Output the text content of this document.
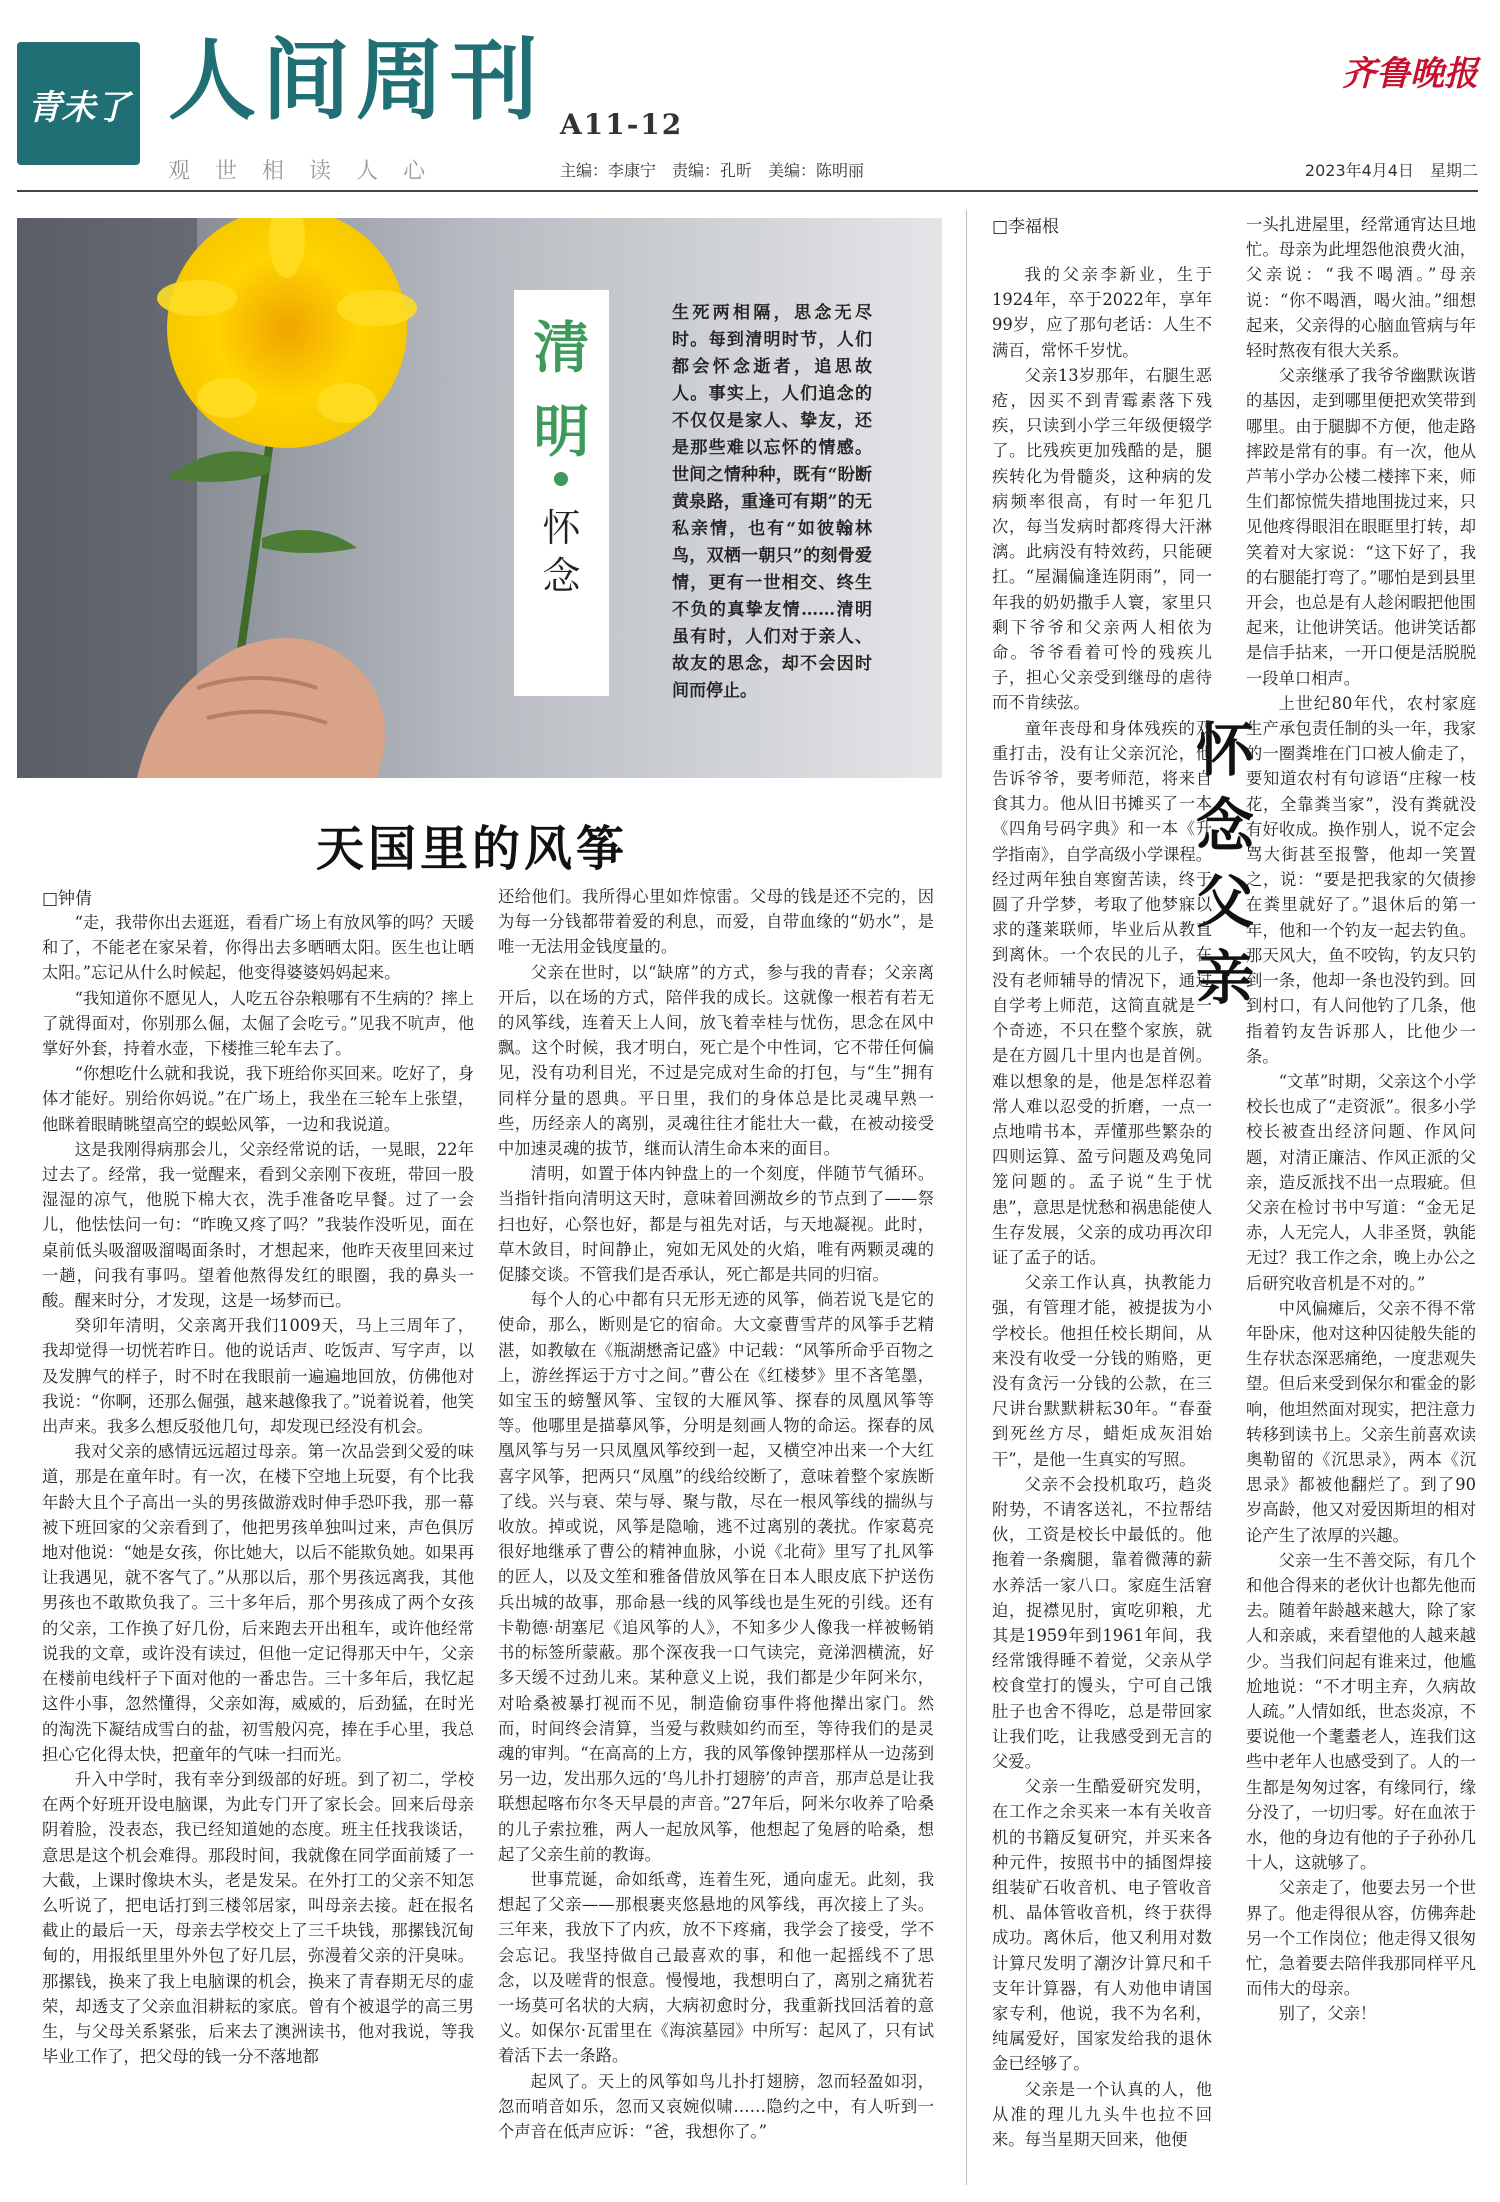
青未了 人间周刊 A11-12
齐鲁晚报
观 世 相 读 人 心	主编：李康宁 责编：孔昕 美编：陈明丽	2023年4月4日　星期二
清
明
怀
念
生死两相隔，思念无尽时。每到清明时节，人们都会怀念逝者，追思故人。事实上，人们追念的不仅仅是家人、挚友，还是那些难以忘怀的情感。世间之情种种，既有“盼断黄泉路，重逢可有期”的无私亲情，也有“如彼翰林鸟，双栖一朝只”的刻骨爱情，更有一世相交、终生不负的真挚友情……清明虽有时，人们对于亲人、故友的思念，却不会因时间而停止。
天国里的风筝
□钟倩

“走，我带你出去逛逛，看看广场上有放风筝的吗？天暖和了，不能老在家呆着，你得出去多晒晒太阳。医生也让晒太阳。”忘记从什么时候起，他变得婆婆妈妈起来。

“我知道你不愿见人，人吃五谷杂粮哪有不生病的？摔上了就得面对，你别那么倔，太倔了会吃亏。”见我不吭声，他掌好外套，持着水壶，下楼推三轮车去了。

“你想吃什么就和我说，我下班给你买回来。吃好了，身体才能好。别给你妈说。”在广场上，我坐在三轮车上张望，他眯着眼睛眺望高空的蜈蚣风筝，一边和我说道。

这是我刚得病那会儿，父亲经常说的话，一晃眼，22年过去了。经常，我一觉醒来，看到父亲刚下夜班，带回一股湿湿的凉气，他脱下棉大衣，洗手准备吃早餐。过了一会儿，他怯怯问一句：“昨晚又疼了吗？”我装作没听见，面在桌前低头吸溜吸溜喝面条时，才想起来，他昨天夜里回来过一趟，问我有事吗。望着他熬得发红的眼圈，我的鼻头一酸。醒来时分，才发现，这是一场梦而已。

癸卯年清明，父亲离开我们1009天，马上三周年了，我却觉得一切恍若昨日。他的说话声、吃饭声、写字声，以及发脾气的样子，时不时在我眼前一遍遍地回放，仿佛他对我说：“你啊，还那么倔强，越来越像我了。”说着说着，他笑出声来。我多么想反驳他几句，却发现已经没有机会。

我对父亲的感情远远超过母亲。第一次品尝到父爱的味道，那是在童年时。有一次，在楼下空地上玩耍，有个比我年龄大且个子高出一头的男孩做游戏时伸手恐吓我，那一幕被下班回家的父亲看到了，他把男孩单独叫过来，声色俱厉地对他说：“她是女孩，你比她大，以后不能欺负她。如果再让我遇见，就不客气了。”从那以后，那个男孩远离我，其他男孩也不敢欺负我了。三十多年后，那个男孩成了两个女孩的父亲，工作换了好几份，后来跑去开出租车，或许他经常说我的文章，或许没有读过，但他一定记得那天中午，父亲在楼前电线杆子下面对他的一番忠告。三十多年后，我忆起这件小事，忽然懂得，父亲如海，威威的，后劲猛，在时光的淘洗下凝结成雪白的盐，初雪般闪亮，捧在手心里，我总担心它化得太快，把童年的气味一扫而光。

升入中学时，我有幸分到级部的好班。到了初二，学校在两个好班开设电脑课，为此专门开了家长会。回来后母亲阴着脸，没表态，我已经知道她的态度。班主任找我谈话，意思是这个机会难得。那段时间，我就像在同学面前矮了一大截，上课时像块木头，老是发呆。在外打工的父亲不知怎么听说了，把电话打到三楼邻居家，叫母亲去接。赶在报名截止的最后一天，母亲去学校交上了三千块钱，那摞钱沉甸甸的，用报纸里里外外包了好几层，弥漫着父亲的汗臭味。那摞钱，换来了我上电脑课的机会，换来了青春期无尽的虚荣，却透支了父亲血泪耕耘的家底。曾有个被退学的高三男生，与父母关系紧张，后来去了澳洲读书，他对我说，等我毕业工作了，把父母的钱一分不落地都

还给他们。我所得心里如炸惊雷。父母的钱是还不完的，因为每一分钱都带着爱的利息，而爱，自带血缘的“奶水”，是唯一无法用金钱度量的。

父亲在世时，以“缺席”的方式，参与我的青春；父亲离开后，以在场的方式，陪伴我的成长。这就像一根若有若无的风筝线，连着天上人间，放飞着幸桂与忧伤，思念在风中飘。这个时候，我才明白，死亡是个中性词，它不带任何偏见，没有功利目光，不过是完成对生命的打包，与“生”拥有同样分量的恩典。平日里，我们的身体总是比灵魂早熟一些，历经亲人的离别，灵魂往往才能壮大一截，在被动接受中加速灵魂的拔节，继而认清生命本来的面目。

清明，如置于体内钟盘上的一个刻度，伴随节气循环。当指针指向清明这天时，意味着回溯故乡的节点到了——祭扫也好，心祭也好，都是与祖先对话，与天地凝视。此时，草木敛目，时间静止，宛如无风处的火焰，唯有两颗灵魂的促膝交谈。不管我们是否承认，死亡都是共同的归宿。

每个人的心中都有只无形无迹的风筝，倘若说飞是它的使命，那么，断则是它的宿命。大文豪曹雪芹的风筝手艺精湛，如教敏在《瓶湖懋斋记盛》中记载：“风筝所命乎百物之上，游丝挥运于方寸之间。”曹公在《红楼梦》里不吝笔墨，如宝玉的螃蟹风筝、宝钗的大雁风筝、探春的凤凰风筝等等。他哪里是描摹风筝，分明是刻画人物的命运。探春的凤凰风筝与另一只凤凰风筝绞到一起，又横空冲出来一个大红喜字风筝，把两只“凤凰”的线给绞断了，意味着整个家族断了线。兴与衰、荣与辱、聚与散，尽在一根风筝线的揣纵与收放。掉或说，风筝是隐喻，逃不过离别的袭扰。作家葛亮很好地继承了曹公的精神血脉，小说《北荷》里写了扎风筝的匠人，以及文笙和雅备借放风筝在日本人眼皮底下护送伤兵出城的故事，那命悬一线的风筝线也是生死的引线。还有卡勒德·胡塞尼《追风筝的人》，不知多少人像我一样被畅销书的标签所蒙蔽。那个深夜我一口气读完，竟涕泗横流，好多天缓不过劲儿来。某种意义上说，我们都是少年阿米尔，对哈桑被暴打视而不见，制造偷窃事件将他撵出家门。然而，时间终会清算，当爱与救赎如约而至，等待我们的是灵魂的审判。“在高高的上方，我的风筝像钟摆那样从一边荡到另一边，发出那久远的‘鸟儿扑打翅膀’的声音，那声总是让我联想起喀布尔冬天早晨的声音。”27年后，阿米尔收养了哈桑的儿子索拉雅，两人一起放风筝，他想起了兔唇的哈桑，想起了父亲生前的教诲。

世事荒诞，命如纸鸢，连着生死，通向虚无。此刻，我想起了父亲——那根裹夹悠悬地的风筝线，再次接上了头。三年来，我放下了内疚，放不下疼痛，我学会了接受，学不会忘记。我坚持做自己最喜欢的事，和他一起摇线不了思念，以及嗟背的恨意。慢慢地，我想明白了，离别之痛犹若一场莫可名状的大病，大病初愈时分，我重新找回活着的意义。如保尔·瓦雷里在《海滨墓园》中所写：起风了，只有试着活下去一条路。

起风了。天上的风筝如鸟儿扑打翅膀，忽而轻盈如羽，忽而哨音如乐，忽而又哀婉似啸……隐约之中，有人听到一个声音在低声应诉：“爸，我想你了。”

□李福根
怀
念
父
亲

我的父亲李新业，生于1924年，卒于2022年，享年99岁，应了那句老话：人生不满百，常怀千岁忧。

父亲13岁那年，右腿生恶疮，因买不到青霉素落下残疾，只读到小学三年级便辍学了。比残疾更加残酷的是，腿疾转化为骨髓炎，这种病的发病频率很高，有时一年犯几次，每当发病时都疼得大汗淋漓。此病没有特效药，只能硬扛。“屋漏偏逢连阴雨”，同一年我的奶奶撒手人寰，家里只剩下爷爷和父亲两人相依为命。爷爷看着可怜的残疾儿子，担心父亲受到继母的虐待而不肯续弦。

童年丧母和身体残疾的双重打击，没有让父亲沉沦，他告诉爷爷，要考师范，将来自食其力。他从旧书摊买了一本《四角号码字典》和一本《升学指南》，自学高级小学课程。经过两年独自寒窗苦读，终于圆了升学梦，考取了他梦寐以求的蓬莱联师，毕业后从教直到离休。一个农民的儿子，在没有老师辅导的情况下，通过自学考上师范，这简直就是一个奇迹，不只在整个家族，就是在方圆几十里内也是首例。难以想象的是，他是怎样忍着常人难以忍受的折磨，一点一点地啃书本，弄懂那些繁杂的四则运算、盈亏问题及鸡兔同笼问题的。孟子说“生于忧患”，意思是忧愁和祸患能使人生存发展，父亲的成功再次印证了孟子的话。

父亲工作认真，执教能力强，有管理才能，被提拔为小学校长。他担任校长期间，从来没有收受一分钱的贿赂，更没有贪污一分钱的公款，在三尺讲台默默耕耘30年。“春蚕到死丝方尽，蜡炬成灰泪始干”，是他一生真实的写照。

父亲不会投机取巧，趋炎附势，不请客送礼，不拉帮结伙，工资是校长中最低的。他拖着一条瘸腿，靠着微薄的薪水养活一家八口。家庭生活窘迫，捉襟见肘，寅吃卯粮，尤其是1959年到1961年间，我经常饿得睡不着觉，父亲从学校食堂打的馒头，宁可自己饿肚子也舍不得吃，总是带回家让我们吃，让我感受到无言的父爱。

父亲一生酷爱研究发明，在工作之余买来一本有关收音机的书籍反复研究，并买来各种元件，按照书中的插图焊接组装矿石收音机、电子管收音机、晶体管收音机，终于获得成功。离休后，他又利用对数计算尺发明了潮汐计算尺和千支年计算器，有人劝他申请国家专利，他说，我不为名利，纯属爱好，国家发给我的退休金已经够了。

父亲是一个认真的人，他从准的理儿九头牛也拉不回来。每当星期天回来，他便

一头扎进屋里，经常通宵达旦地忙。母亲为此埋怨他浪费火油，父亲说：“我不喝酒。”母亲说：“你不喝酒，喝火油。”细想起来，父亲得的心脑血管病与年轻时熬夜有很大关系。

父亲继承了我爷爷幽默诙谐的基因，走到哪里便把欢笑带到哪里。由于腿脚不方便，他走路摔跤是常有的事。有一次，他从芦苇小学办公楼二楼摔下来，师生们都惊慌失措地围拢过来，只见他疼得眼泪在眼眶里打转，却笑着对大家说：“这下好了，我的右腿能打弯了。”哪怕是到县里开会，也总是有人趁闲暇把他围起来，让他讲笑话。他讲笑话都是信手拈来，一开口便是活脱脱一段单口相声。

上世纪80年代，农村家庭生产承包责任制的头一年，我家的一圈粪堆在门口被人偷走了，要知道农村有句谚语“庄稼一枝花，全靠粪当家”，没有粪就没有好收成。换作别人，说不定会骂大街甚至报警，他却一笑置之，说：“要是把我家的欠债掺在粪里就好了。”退休后的第一年，他和一个钓友一起去钓鱼。那天风大，鱼不咬钩，钓友只钓到一条，他却一条也没钓到。回到村口，有人问他钓了几条，他指着钓友告诉那人，比他少一条。

“文革”时期，父亲这个小学校长也成了“走资派”。很多小学校长被查出经济问题、作风问题，对清正廉洁、作风正派的父亲，造反派找不出一点瑕疵。但父亲在检讨书中写道：“金无足赤，人无完人，人非圣贤，孰能无过？我工作之余，晚上办公之后研究收音机是不对的。”

中风偏瘫后，父亲不得不常年卧床，他对这种囚徒般失能的生存状态深恶痛绝，一度悲观失望。但后来受到保尔和霍金的影响，他坦然面对现实，把注意力转移到读书上。父亲生前喜欢读奥勒留的《沉思录》，两本《沉思录》都被他翻烂了。到了90岁高龄，他又对爱因斯坦的相对论产生了浓厚的兴趣。

父亲一生不善交际，有几个和他合得来的老伙计也都先他而去。随着年龄越来越大，除了家人和亲戚，来看望他的人越来越少。当我们问起有谁来过，他尴尬地说：“不才明主弃，久病故人疏。”人情如纸，世态炎凉，不要说他一个耄耋老人，连我们这些中老年人也感受到了。人的一生都是匆匆过客，有缘同行，缘分没了，一切归零。好在血浓于水，他的身边有他的子子孙孙几十人，这就够了。

父亲走了，他要去另一个世界了。他走得很从容，仿佛奔赴另一个工作岗位；他走得又很匆忙，急着要去陪伴我那同样平凡而伟大的母亲。

别了，父亲！
